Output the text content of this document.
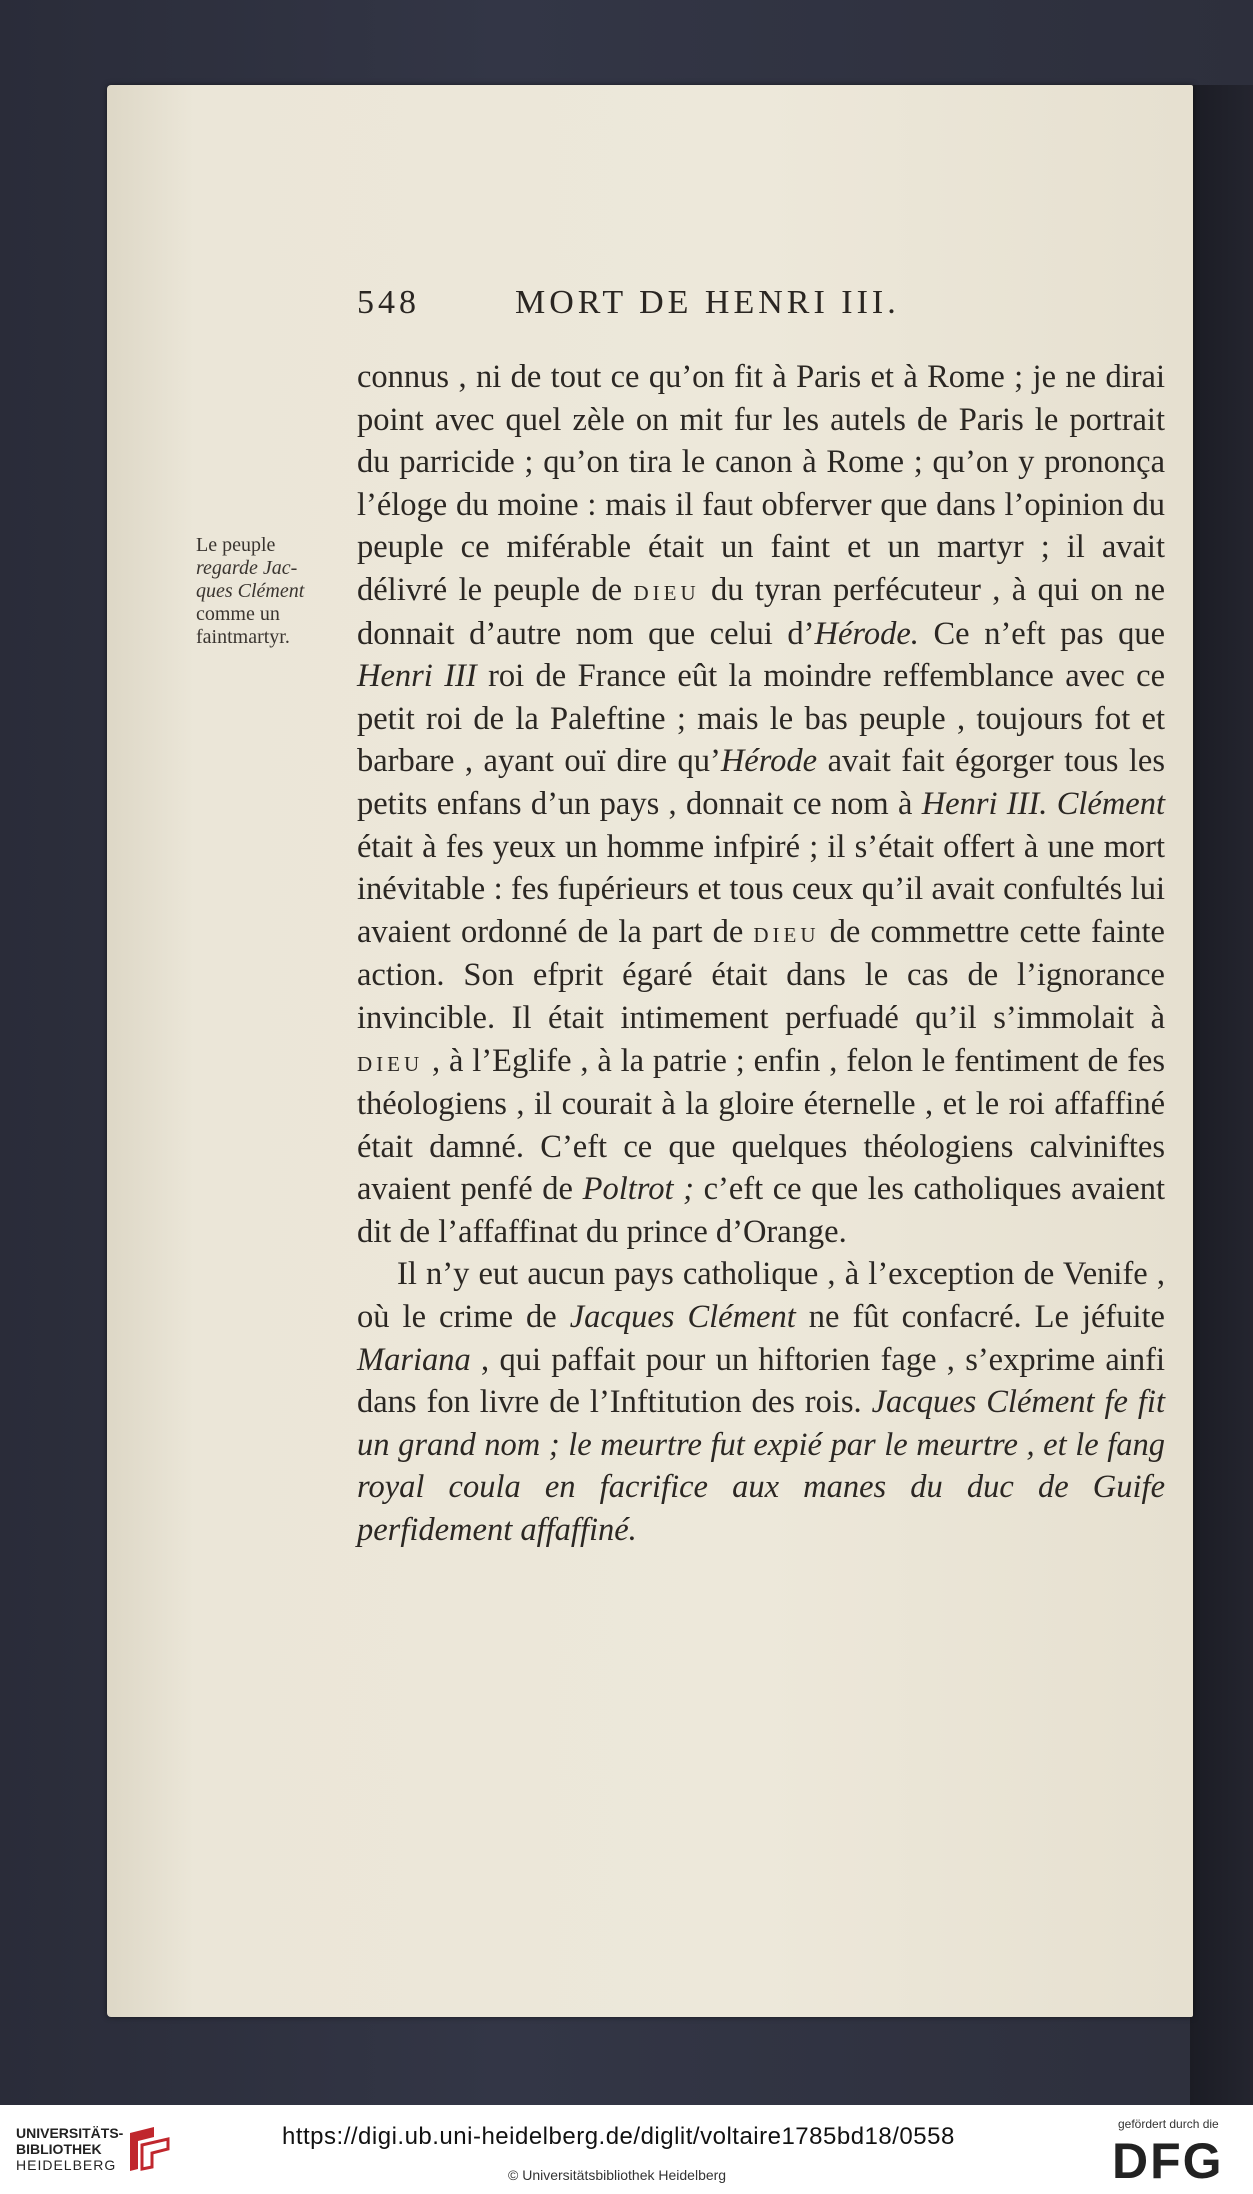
548	MORT DE HENRI III.
Le peuple
regarde Jac-
ques Clément
comme un
faintmartyr.

connus , ni de tout ce qu’on fit à Paris et à Rome ; je ne dirai point avec quel zèle on mit fur les autels de Paris le portrait du parricide ; qu’on tira le canon à Rome ; qu’on y prononça l’éloge du moine : mais il faut obferver que dans l’opinion du peuple ce miférable était un faint et un martyr ; il avait délivré le peuple de dieu du tyran perfécuteur , à qui on ne donnait d’autre nom que celui d’Hérode. Ce n’eft pas que Henri III roi de France eût la moindre reffemblance avec ce petit roi de la Paleftine ; mais le bas peuple , toujours fot et barbare , ayant ouï dire qu’Hérode avait fait égorger tous les petits enfans d’un pays , donnait ce nom à Henri III. Clément était à fes yeux un homme infpiré ; il s’était offert à une mort inévitable : fes fupérieurs et tous ceux qu’il avait confultés lui avaient ordonné de la part de dieu de commettre cette fainte action. Son efprit égaré était dans le cas de l’ignorance invincible. Il était intimement perfuadé qu’il s’immolait à dieu , à l’Eglife , à la patrie ; enfin , felon le fentiment de fes théologiens , il courait à la gloire éternelle , et le roi affaffiné était damné. C’eft ce que quelques théologiens calviniftes avaient penfé de Poltrot ; c’eft ce que les catholiques avaient dit de l’affaffinat du prince d’Orange.

Il n’y eut aucun pays catholique , à l’exception de Venife , où le crime de Jacques Clément ne fût confacré. Le jéfuite Mariana , qui paffait pour un hiftorien fage , s’exprime ainfi dans fon livre de l’Inftitution des rois. Jacques Clément fe fit un grand nom ; le meurtre fut expié par le meurtre , et le fang royal coula en facrifice aux manes du duc de Guife perfidement affaffiné.

UNIVERSITÄTS-
BIBLIOTHEK
HEIDELBERG
https://digi.ub.uni-heidelberg.de/diglit/voltaire1785bd18/0558
© Universitätsbibliothek Heidelberg
gefördert durch die
DFG
